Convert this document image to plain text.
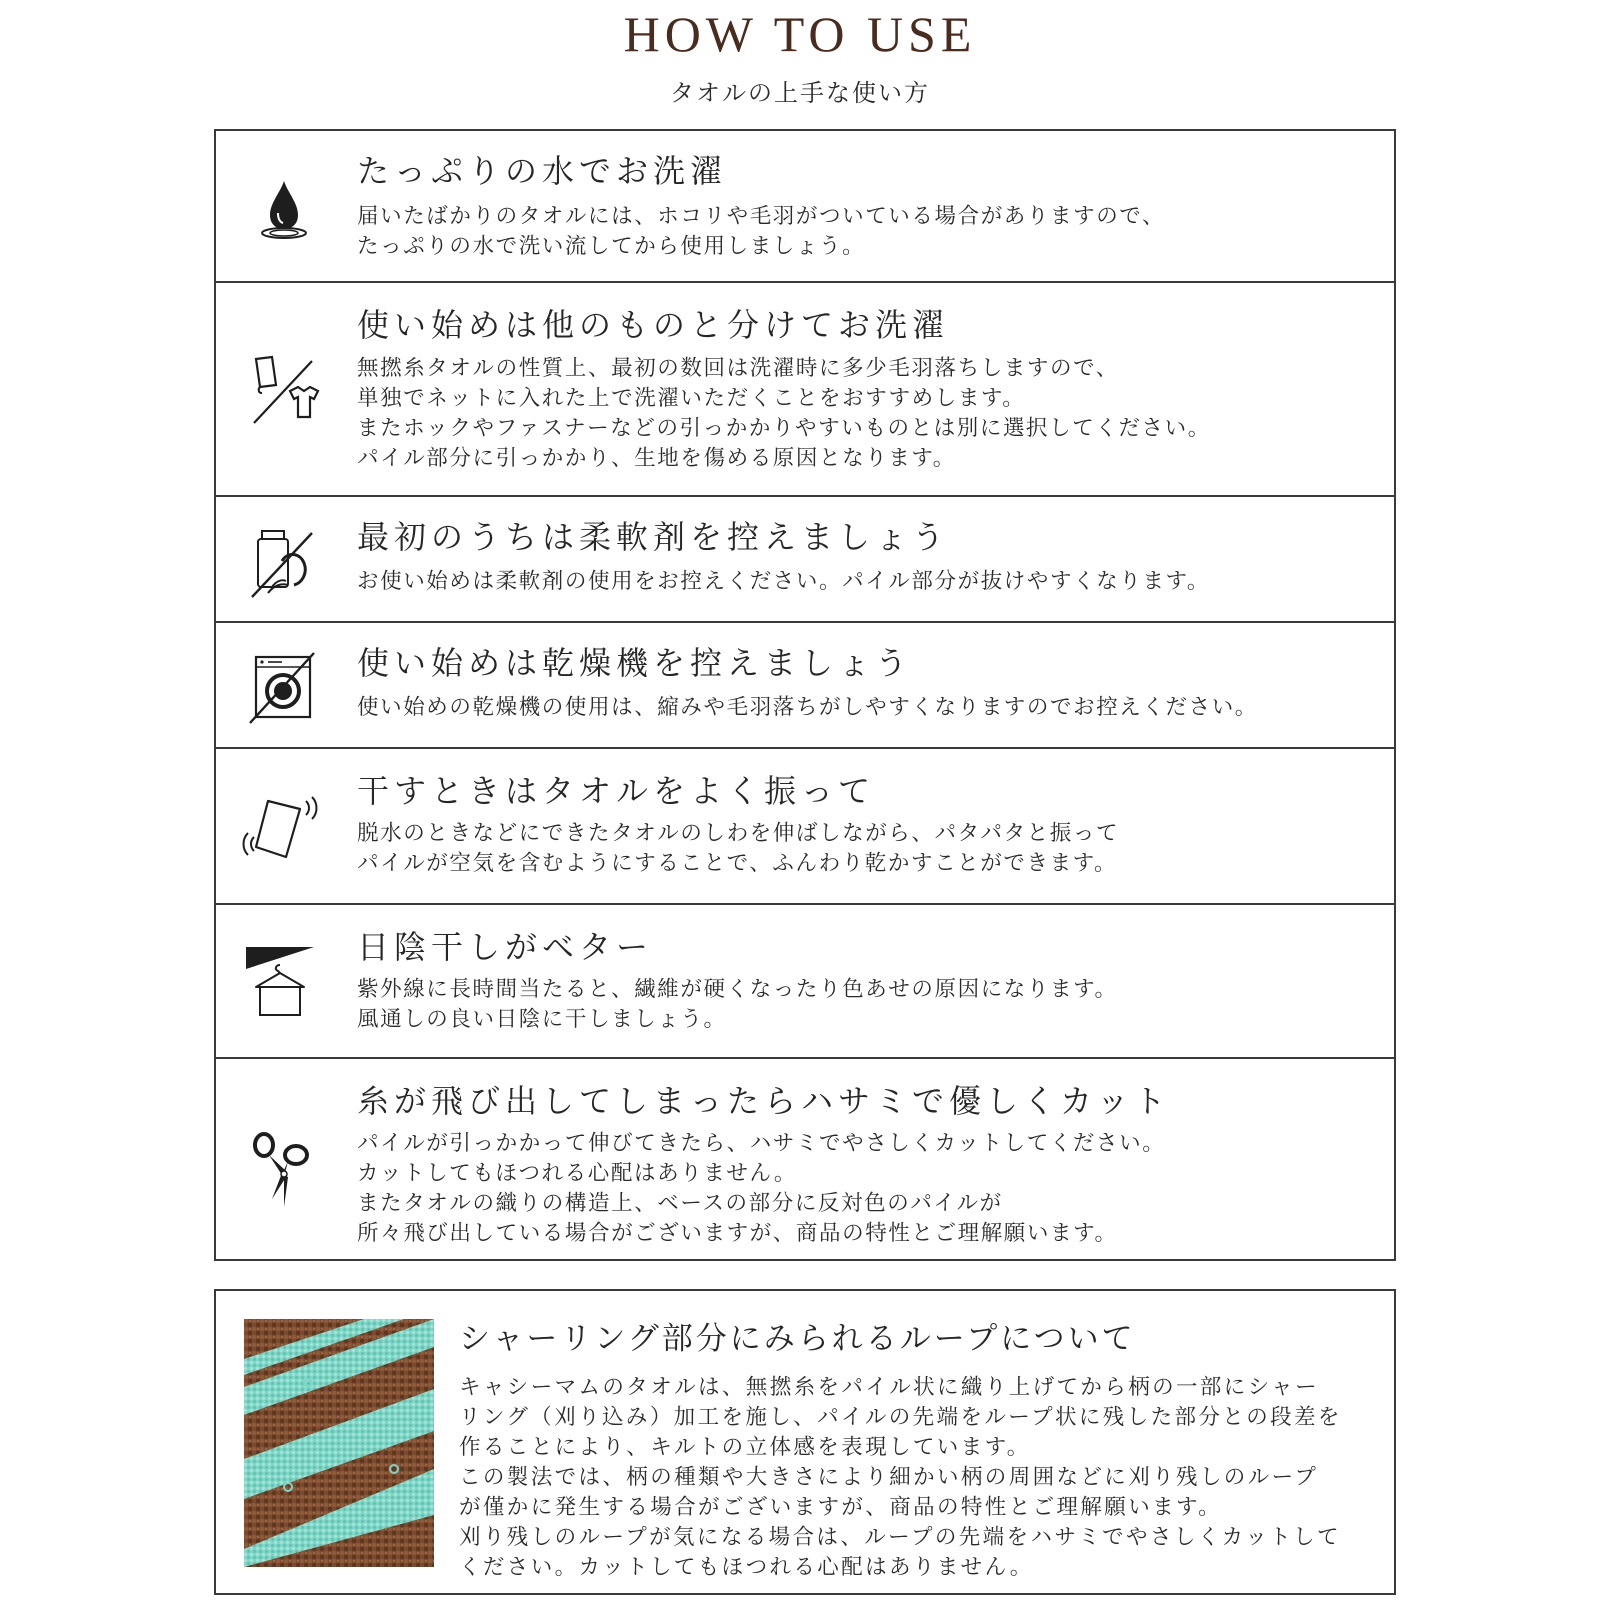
HOW TO USE
タオルの上手な使い方
たっぷりの水でお洗濯
届いたばかりのタオルには、ホコリや毛羽がついている場合がありますので、
たっぷりの水で洗い流してから使用しましょう。
使い始めは他のものと分けてお洗濯
無撚糸タオルの性質上、最初の数回は洗濯時に多少毛羽落ちしますので、
単独でネットに入れた上で洗濯いただくことをおすすめします。
またホックやファスナーなどの引っかかりやすいものとは別に選択してください。
パイル部分に引っかかり、生地を傷める原因となります。
最初のうちは柔軟剤を控えましょう
お使い始めは柔軟剤の使用をお控えください。パイル部分が抜けやすくなります。
使い始めは乾燥機を控えましょう
使い始めの乾燥機の使用は、縮みや毛羽落ちがしやすくなりますのでお控えください。
干すときはタオルをよく振って
脱水のときなどにできたタオルのしわを伸ばしながら、パタパタと振って
パイルが空気を含むようにすることで、ふんわり乾かすことができます。
日陰干しがベター
紫外線に長時間当たると、繊維が硬くなったり色あせの原因になります。
風通しの良い日陰に干しましょう。
糸が飛び出してしまったらハサミで優しくカット
パイルが引っかかって伸びてきたら、ハサミでやさしくカットしてください。
カットしてもほつれる心配はありません。
またタオルの織りの構造上、ベースの部分に反対色のパイルが
所々飛び出している場合がございますが、商品の特性とご理解願います。
シャーリング部分にみられるループについて
キャシーマムのタオルは、無撚糸をパイル状に織り上げてから柄の一部にシャー
リング（刈り込み）加工を施し、パイルの先端をループ状に残した部分との段差を
作ることにより、キルトの立体感を表現しています。
この製法では、柄の種類や大きさにより細かい柄の周囲などに刈り残しのループ
が僅かに発生する場合がございますが、商品の特性とご理解願います。
刈り残しのループが気になる場合は、ループの先端をハサミでやさしくカットして
ください。カットしてもほつれる心配はありません。
